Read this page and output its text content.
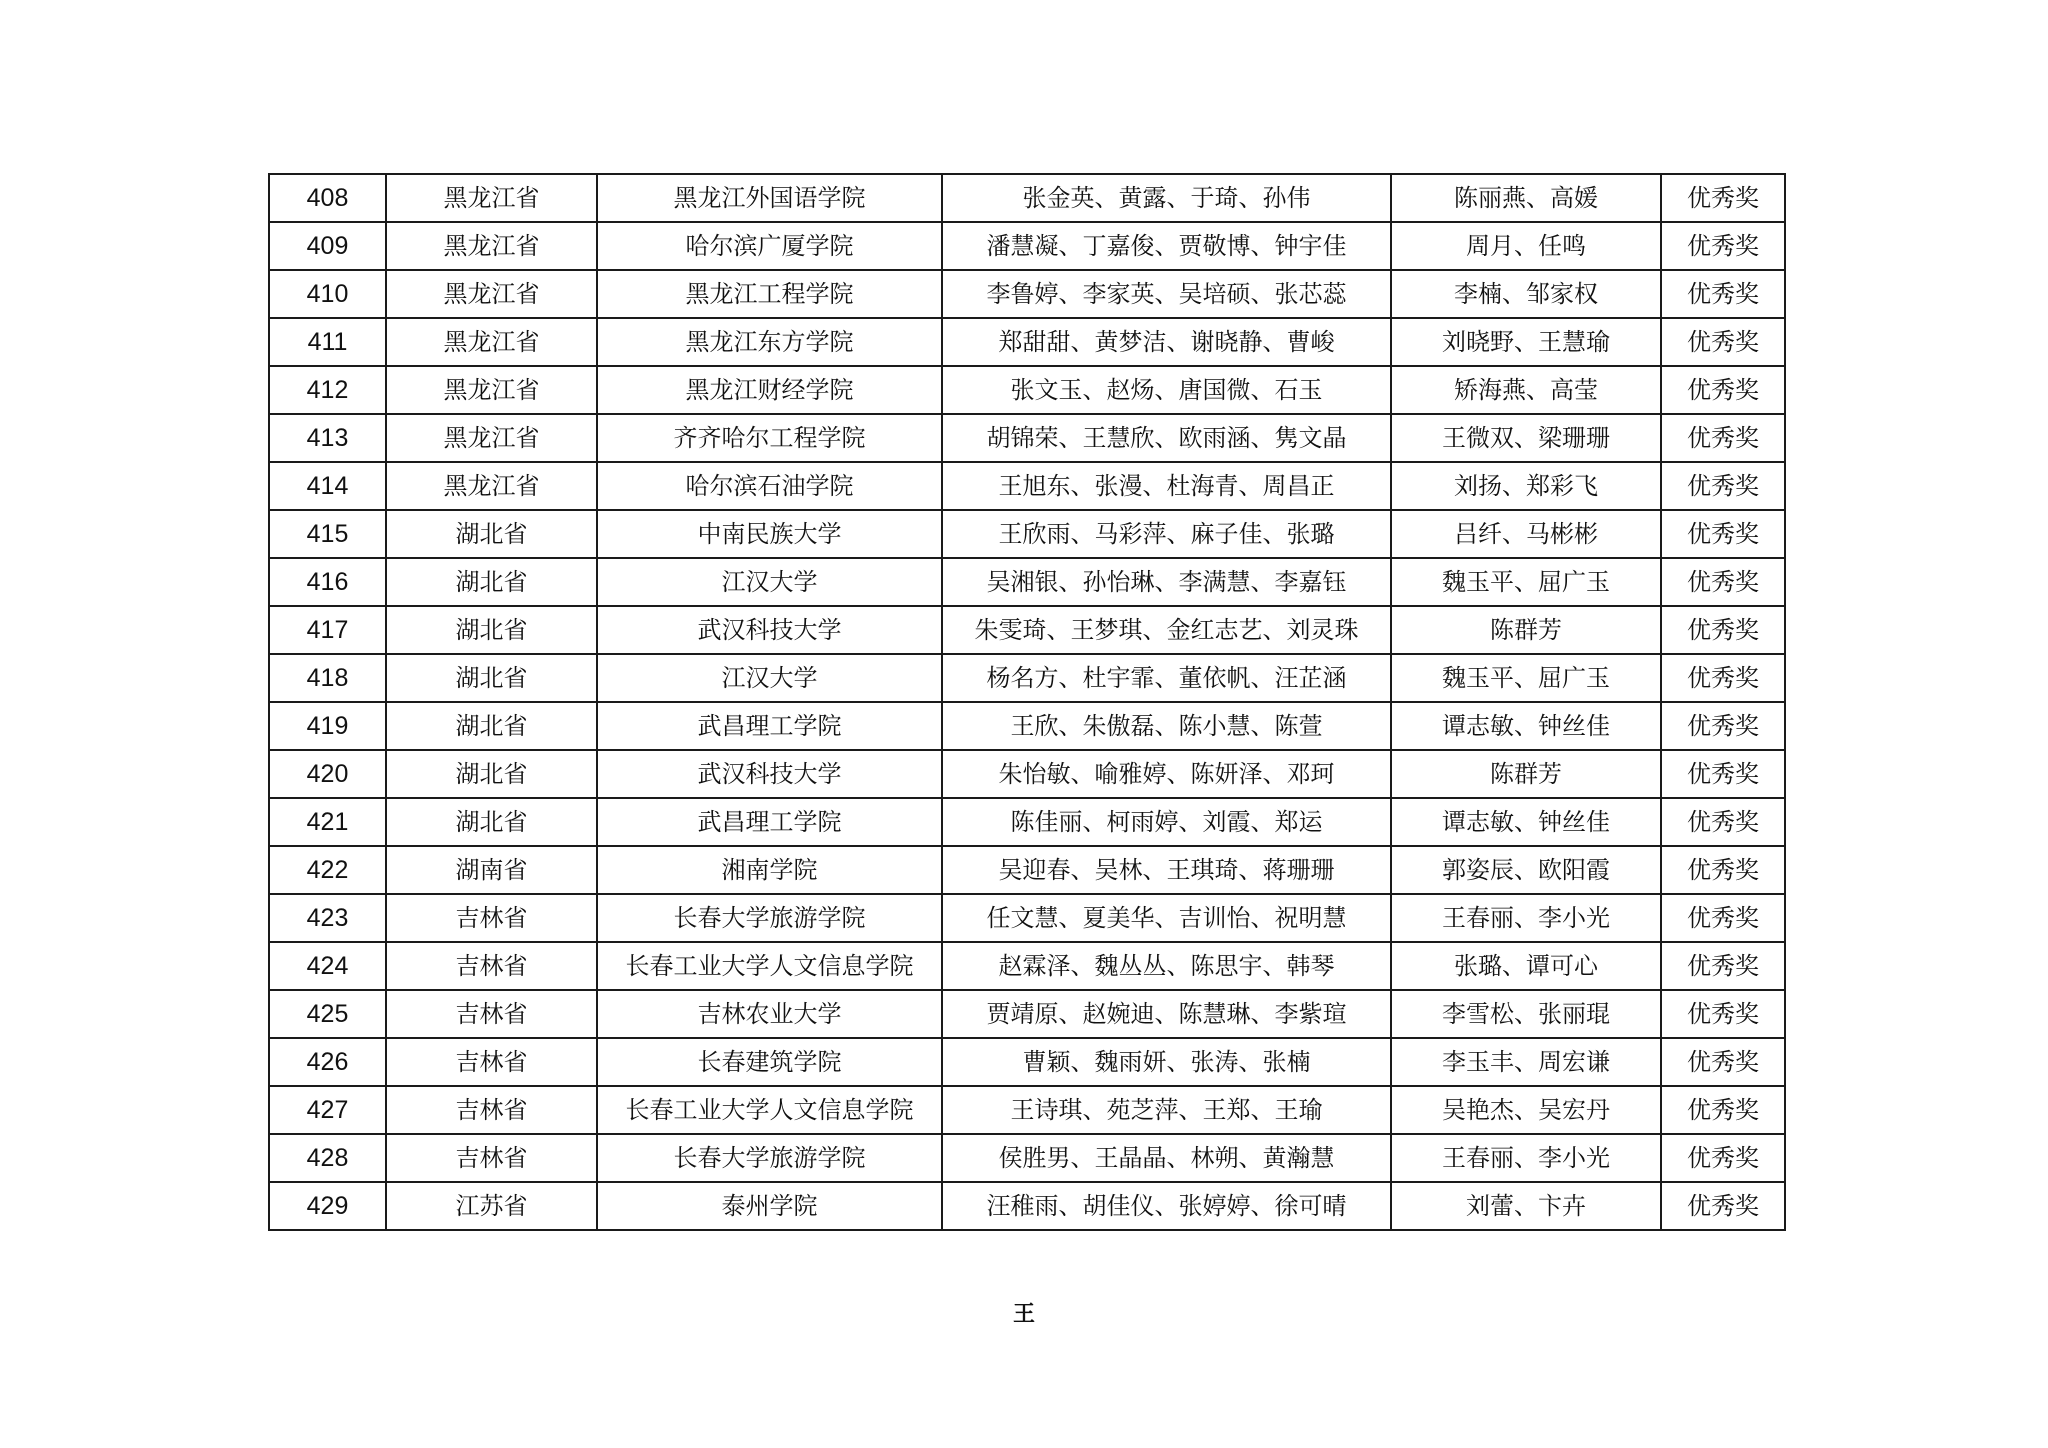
408	黑龙江省	黑龙江外国语学院	张金英、黄露、于琦、孙伟	陈丽燕、高媛	优秀奖
409	黑龙江省	哈尔滨广厦学院	潘慧凝、丁嘉俊、贾敬博、钟宇佳	周月、任鸣	优秀奖
410	黑龙江省	黑龙江工程学院	李鲁婷、李家英、吴培硕、张芯蕊	李楠、邹家权	优秀奖
411	黑龙江省	黑龙江东方学院	郑甜甜、黄梦洁、谢晓静、曹峻	刘晓野、王慧瑜	优秀奖
412	黑龙江省	黑龙江财经学院	张文玉、赵炀、唐国微、石玉	矫海燕、高莹	优秀奖
413	黑龙江省	齐齐哈尔工程学院	胡锦荣、王慧欣、欧雨涵、隽文晶	王微双、梁珊珊	优秀奖
414	黑龙江省	哈尔滨石油学院	王旭东、张漫、杜海青、周昌正	刘扬、郑彩飞	优秀奖
415	湖北省	中南民族大学	王欣雨、马彩萍、麻子佳、张璐	吕纤、马彬彬	优秀奖
416	湖北省	江汉大学	吴湘银、孙怡琳、李满慧、李嘉钰	魏玉平、屈广玉	优秀奖
417	湖北省	武汉科技大学	朱雯琦、王梦琪、金红志艺、刘灵珠	陈群芳	优秀奖
418	湖北省	江汉大学	杨名方、杜宇霏、董依帆、汪芷涵	魏玉平、屈广玉	优秀奖
419	湖北省	武昌理工学院	王欣、朱傲磊、陈小慧、陈萱	谭志敏、钟丝佳	优秀奖
420	湖北省	武汉科技大学	朱怡敏、喻雅婷、陈妍泽、邓珂	陈群芳	优秀奖
421	湖北省	武昌理工学院	陈佳丽、柯雨婷、刘霞、郑运	谭志敏、钟丝佳	优秀奖
422	湖南省	湘南学院	吴迎春、吴林、王琪琦、蒋珊珊	郭姿辰、欧阳霞	优秀奖
423	吉林省	长春大学旅游学院	任文慧、夏美华、吉训怡、祝明慧	王春丽、李小光	优秀奖
424	吉林省	长春工业大学人文信息学院	赵霖泽、魏丛丛、陈思宇、韩琴	张璐、谭可心	优秀奖
425	吉林省	吉林农业大学	贾靖原、赵婉迪、陈慧琳、李紫瑄	李雪松、张丽琨	优秀奖
426	吉林省	长春建筑学院	曹颖、魏雨妍、张涛、张楠	李玉丰、周宏谦	优秀奖
427	吉林省	长春工业大学人文信息学院	王诗琪、苑芝萍、王郑、王瑜	吴艳杰、吴宏丹	优秀奖
428	吉林省	长春大学旅游学院	侯胜男、王晶晶、林朔、黄瀚慧	王春丽、李小光	优秀奖
429	江苏省	泰州学院	汪稚雨、胡佳仪、张婷婷、徐可晴	刘蕾、卞卉	优秀奖
王
